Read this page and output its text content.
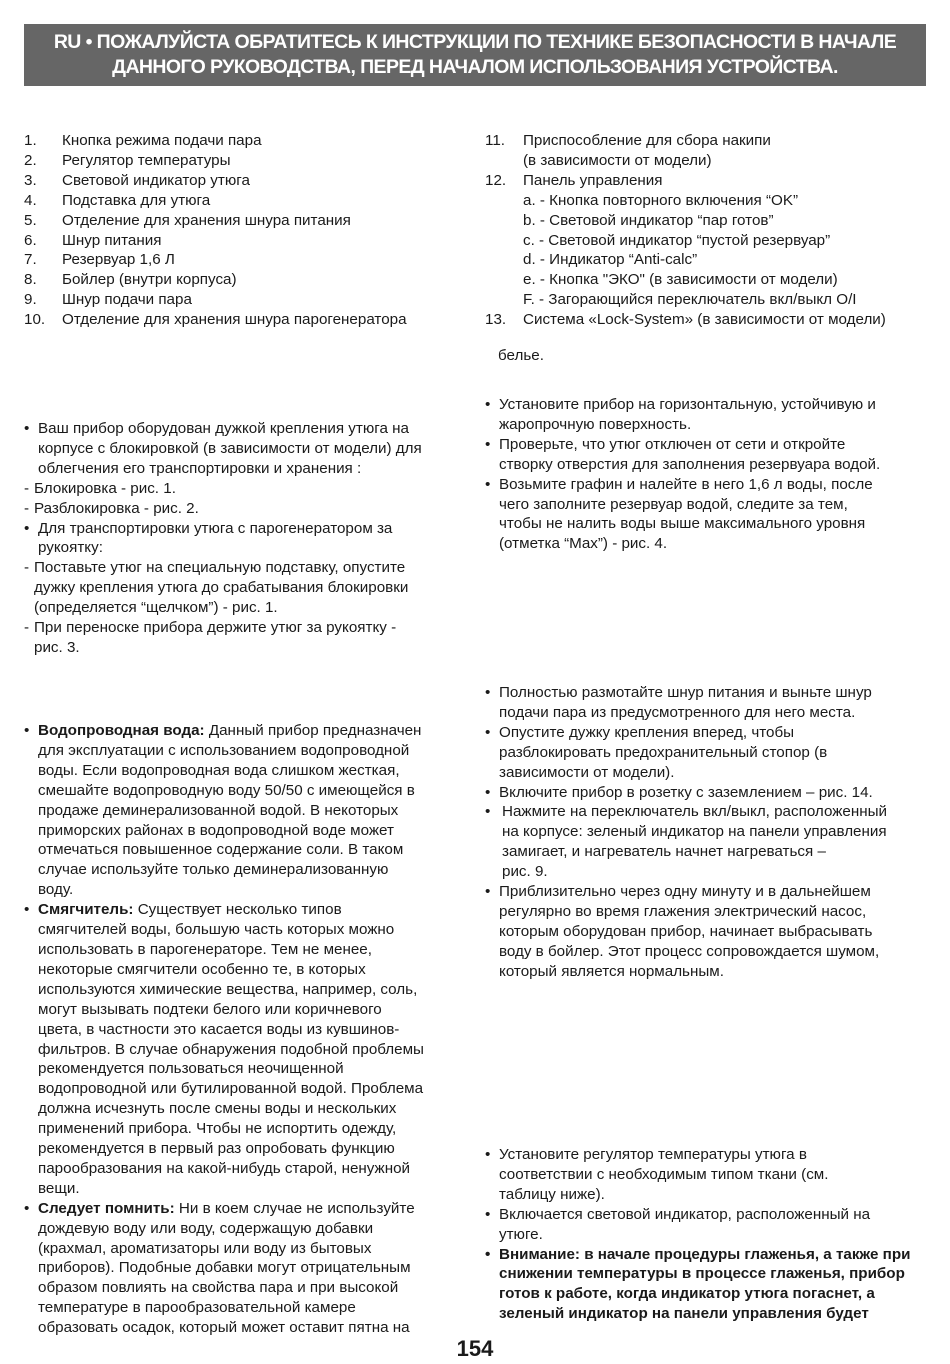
RU • ПОЖАЛУЙСТА ОБРАТИТЕСЬ К ИНСТРУКЦИИ ПО ТЕХНИКЕ БЕЗОПАСНОСТИ В НАЧАЛЕ
ДАННОГО РУКОВОДСТВА, ПЕРЕД НАЧАЛОМ ИСПОЛЬЗОВАНИЯ УСТРОЙСТВА.
1.	Кнопка режима подачи пара
2.	Регулятор температуры
3.	Световой индикатор утюга
4.	Подставка для утюга
5.	Отделение для хранения шнура питания
6.	Шнур питания
7.	Резервуар 1,6 Л
8.	Бойлер (внутри корпуса)
9.	Шнур подачи пара
10.	Отделение для хранения шнура парогенератора
11.	Приспособление для сбора накипи
(в зависимости от модели)
12.	Панель управления
a. - Кнопка повторного включения “OK”
b. - Световой индикатор “пар готов”
c. - Световой индикатор “пустой резервуар”
d. - Индикатор “Anti-calc”
e. - Кнопка "ЭКО" (в зависимости от модели)
F. - Загорающийся переключатель вкл/выкл O/I
13.	Система «Lock-System» (в зависимости от модели)
белье.
• Ваш прибор оборудован дужкой крепления утюга на
корпусе с блокировкой (в зависимости от модели) для
облегчения его транспортировки и хранения :
- Блокировка - рис. 1.
- Разблокировка - рис. 2.
• Для транспортировки утюга с парогенератором за
рукоятку:
- Поставьте утюг на специальную подставку, опустите
дужку крепления утюга до срабатывания блокировки
(определяется “щелчком”) - рис. 1.
- При переноске прибора держите утюг за рукоятку -
рис. 3.
• Установите прибор на горизонтальную, устойчивую и
жаропрочную поверхность.
• Проверьте, что утюг отключен от сети и откройте
створку отверстия для заполнения резервуара водой.
• Возьмите графин и налейте в него 1,6 л воды, после
чего заполните резервуар водой, следите за тем,
чтобы не налить воды выше максимального уровня
(отметка “Max”) - рис. 4.
• Водопроводная вода: Данный прибор предназначен
для эксплуатации с использованием водопроводной
воды. Если водопроводная вода слишком жесткая,
смешайте водопроводную воду 50/50 с имеющейся в
продаже деминерализованной водой. В некоторых
приморских районах в водопроводной воде может
отмечаться повышенное содержание соли. В таком
случае используйте только деминерализованную
воду.
• Смягчитель: Существует несколько типов
смягчителей воды, большую часть которых можно
использовать в парогенераторе. Тем не менее,
некоторые смягчители особенно те, в которых
используются химические вещества, например, соль,
могут вызывать подтеки белого или коричневого
цвета, в частности это касается воды из кувшинов-
фильтров. В случае обнаружения подобной проблемы
рекомендуется пользоваться неочищенной
водопроводной или бутилированной водой. Проблема
должна исчезнуть после смены воды и нескольких
применений прибора. Чтобы не испортить одежду,
рекомендуется в первый раз опробовать функцию
парообразования на какой-нибудь старой, ненужной
вещи.
• Следует помнить: Ни в коем случае не используйте
дождевую воду или воду, содержащую добавки
(крахмал, ароматизаторы или воду из бытовых
приборов). Подобные добавки могут отрицательным
образом повлиять на свойства пара и при высокой
температуре в парообразовательной камере
образовать осадок, который может оставит пятна на
• Полностью размотайте шнур питания и выньте шнур
подачи пара из предусмотренного для него места.
• Опустите дужку крепления вперед, чтобы
разблокировать предохранительный стопор (в
зависимости от модели).
• Включите прибор в розетку с заземлением – рис. 14.
• Нажмите на переключатель вкл/выкл, расположенный
на корпусе: зеленый индикатор на панели управления
замигает, и нагреватель начнет нагреваться –
рис. 9.
• Приблизительно через одну минуту и в дальнейшем
регулярно во время глажения электрический насос,
которым оборудован прибор, начинает выбрасывать
воду в бойлер. Этот процесс сопровождается шумом,
который является нормальным.
• Установите регулятор температуры утюга в
соответствии с необходимым типом ткани (см.
таблицу ниже).
• Включается световой индикатор, расположенный на
утюге.
• Внимание: в начале процедуры глаженья, а также при
снижении температуры в процессе глаженья, прибор
готов к работе, когда индикатор утюга погаснет, а
зеленый индикатор на панели управления будет
154
